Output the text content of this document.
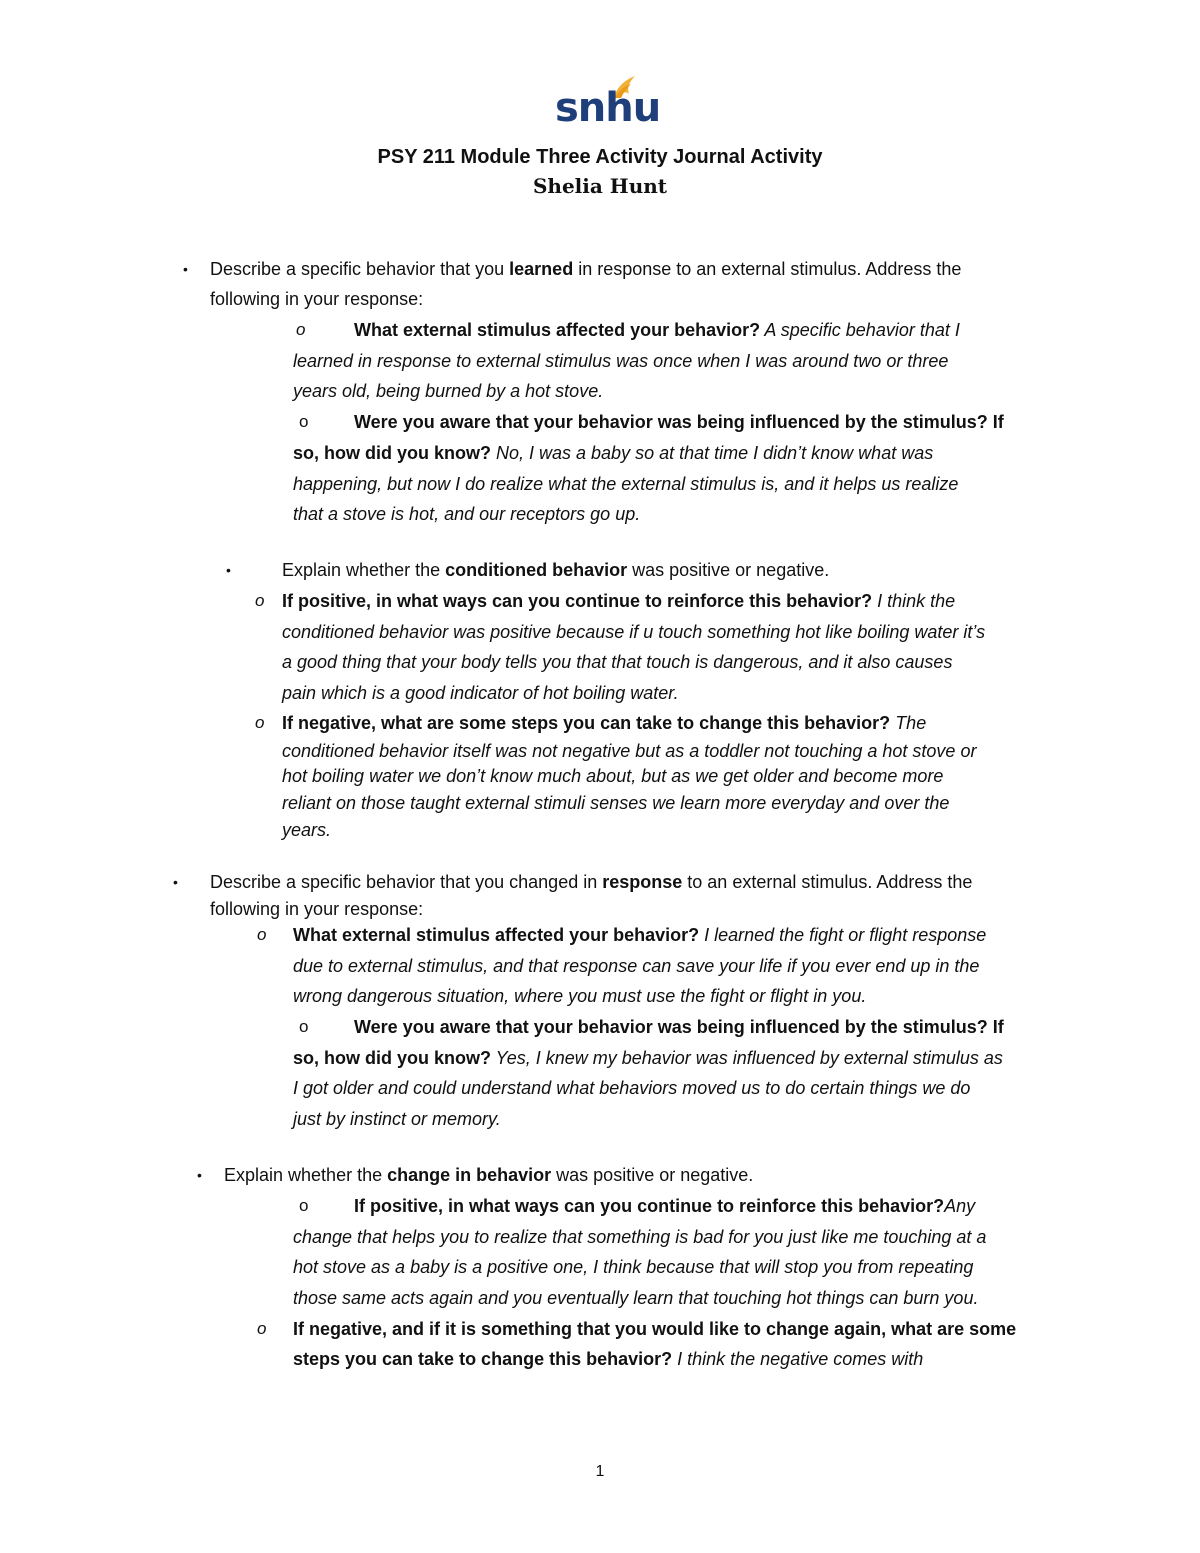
snhu
PSY 211 Module Three Activity Journal Activity
Shelia Hunt
• Describe a specific behavior that you learned in response to an external stimulus. Address the
following in your response:
o	What external stimulus affected your behavior? A specific behavior that I
learned in response to external stimulus was once when I was around two or three
years old, being burned by a hot stove.
o	Were you aware that your behavior was being influenced by the stimulus? If
so, how did you know? No, I was a baby so at that time I didn’t know what was
happening, but now I do realize what the external stimulus is, and it helps us realize
that a stove is hot, and our receptors go up.
•	Explain whether the conditioned behavior was positive or negative.
o If positive, in what ways can you continue to reinforce this behavior? I think the
conditioned behavior was positive because if u touch something hot like boiling water it’s
a good thing that your body tells you that that touch is dangerous, and it also causes
pain which is a good indicator of hot boiling water.
o If negative, what are some steps you can take to change this behavior? The
conditioned behavior itself was not negative but as a toddler not touching a hot stove or
hot boiling water we don’t know much about, but as we get older and become more
reliant on those taught external stimuli senses we learn more everyday and over the
years.
• Describe a specific behavior that you changed in response to an external stimulus. Address the
following in your response:
o What external stimulus affected your behavior? I learned the fight or flight response
due to external stimulus, and that response can save your life if you ever end up in the
wrong dangerous situation, where you must use the fight or flight in you.
o	Were you aware that your behavior was being influenced by the stimulus? If
so, how did you know? Yes, I knew my behavior was influenced by external stimulus as
I got older and could understand what behaviors moved us to do certain things we do
just by instinct or memory.
• Explain whether the change in behavior was positive or negative.
o	If positive, in what ways can you continue to reinforce this behavior?Any
change that helps you to realize that something is bad for you just like me touching at a
hot stove as a baby is a positive one, I think because that will stop you from repeating
those same acts again and you eventually learn that touching hot things can burn you.
o If negative, and if it is something that you would like to change again, what are some
steps you can take to change this behavior? I think the negative comes with
1
